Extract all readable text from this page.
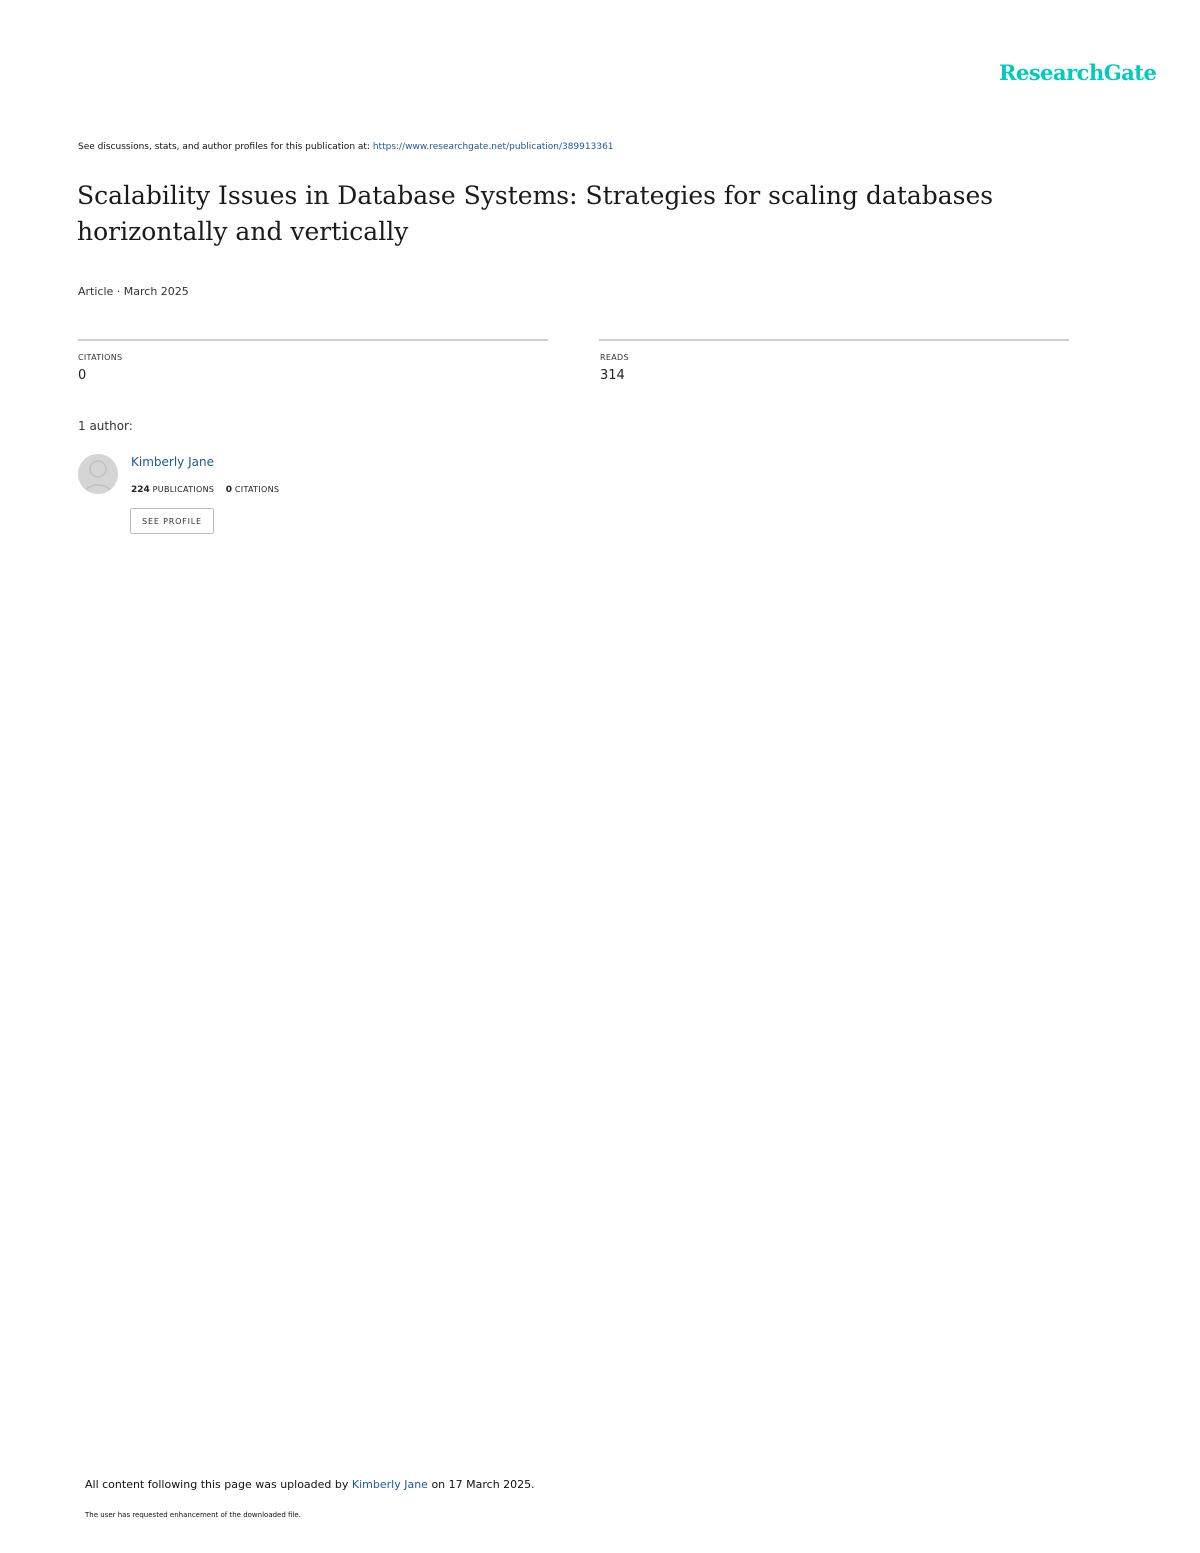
ResearchGate
See discussions, stats, and author profiles for this publication at: https://www.researchgate.net/publication/389913361
Scalability Issues in Database Systems: Strategies for scaling databases horizontally and vertically
Article · March 2025
CITATIONS
0
READS
314
1 author:
Kimberly Jane
224 PUBLICATIONS 0 CITATIONS
SEE PROFILE
All content following this page was uploaded by Kimberly Jane on 17 March 2025.
The user has requested enhancement of the downloaded file.
